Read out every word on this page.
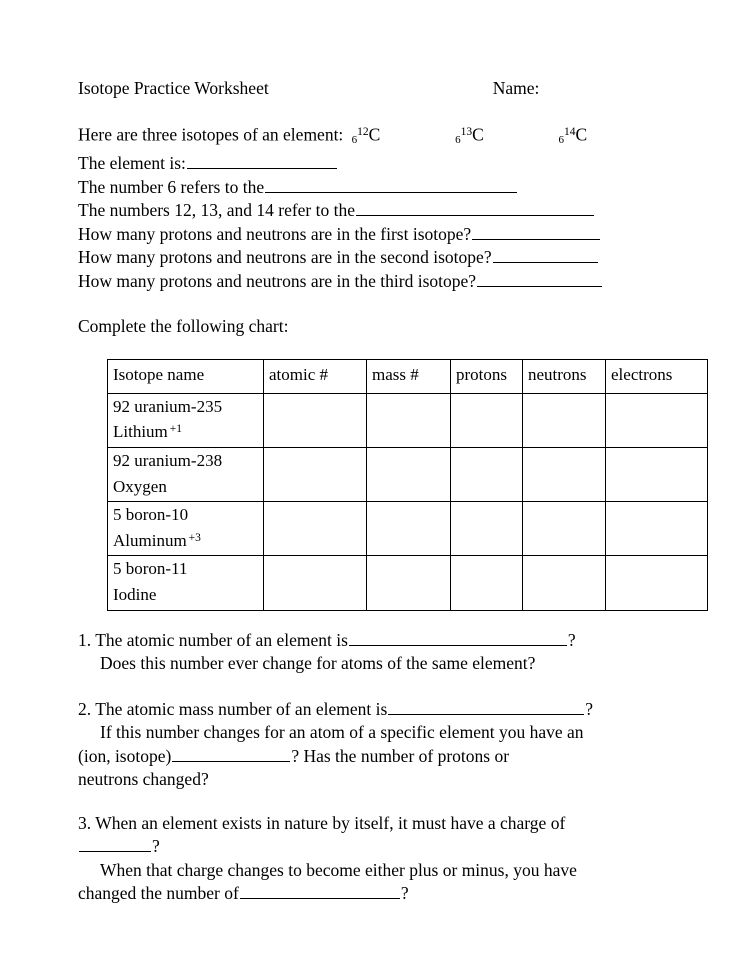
Isotope Practice Worksheet	Name:
Here are three isotopes of an element: $_6^{12}$C	$_6^{13}$C	$_6^{14}$C
The element is:
The number 6 refers to the
The numbers 12, 13, and 14 refer to the
How many protons and neutrons are in the first isotope?
How many protons and neutrons are in the second isotope?
How many protons and neutrons are in the third isotope?
Complete the following chart:
Isotope name	atomic #	mass #	protons	neutrons	electrons

92 uranium-235
Lithium $^{+1}$

92 uranium-238
Oxygen					

5 boron-10
Aluminum $^{+3}$

5 boron-11
Iodine					

1. The atomic number of an element is	?
Does this number ever change for atoms of the same element?
2. The atomic mass number of an element is	?
If this number changes for an atom of a specific element you have an
(ion, isotope)	? Has the number of protons or
neutrons changed?
3. When an element exists in nature by itself, it must have a charge of
?
When that charge changes to become either plus or minus, you have
changed the number of	?
